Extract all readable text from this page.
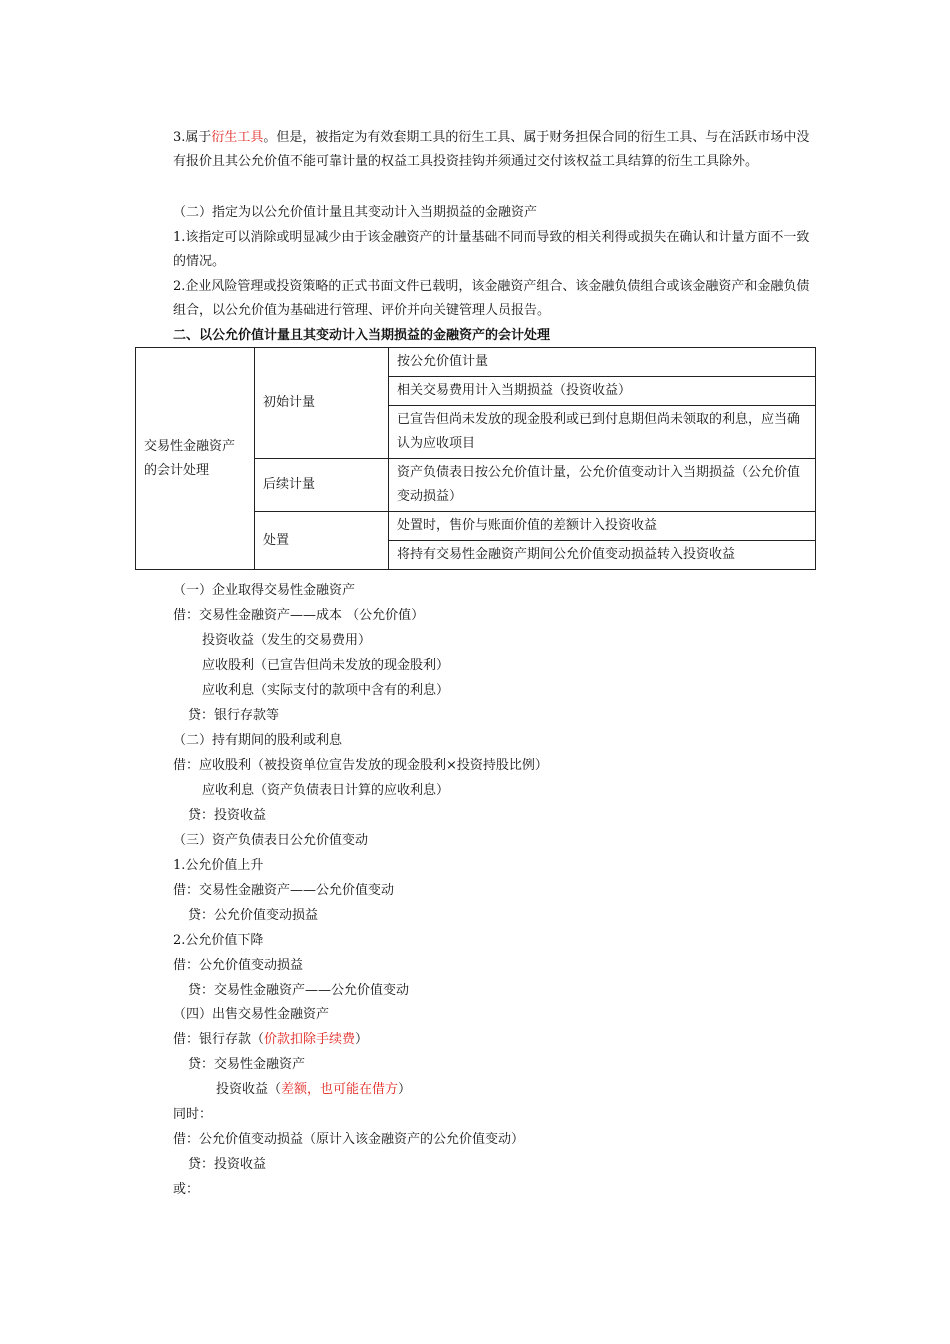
3.属于衍生工具。但是，被指定为有效套期工具的衍生工具、属于财务担保合同的衍生工具、与在活跃市场中没有报价且其公允价值不能可靠计量的权益工具投资挂钩并须通过交付该权益工具结算的衍生工具除外。

（二）指定为以公允价值计量且其变动计入当期损益的金融资产

1.该指定可以消除或明显减少由于该金融资产的计量基础不同而导致的相关利得或损失在确认和计量方面不一致的情况。

2.企业风险管理或投资策略的正式书面文件已载明，该金融资产组合、该金融负债组合或该金融资产和金融负债组合，以公允价值为基础进行管理、评价并向关键管理人员报告。

二、以公允价值计量且其变动计入当期损益的金融资产的会计处理
交易性金融资产的会计处理	初始计量	按公允价值计量
		相关交易费用计入当期损益（投资收益）
		已宣告但尚未发放的现金股利或已到付息期但尚未领取的利息，应当确认为应收项目
	后续计量	资产负债表日按公允价值计量，公允价值变动计入当期损益（公允价值变动损益）
	处置	处置时，售价与账面价值的差额计入投资收益
		将持有交易性金融资产期间公允价值变动损益转入投资收益
（一）企业取得交易性金融资产
借：交易性金融资产——成本 （公允价值）
投资收益（发生的交易费用）
应收股利（已宣告但尚未发放的现金股利）
应收利息（实际支付的款项中含有的利息）
贷：银行存款等
（二）持有期间的股利或利息
借：应收股利（被投资单位宣告发放的现金股利×投资持股比例）
应收利息（资产负债表日计算的应收利息）
贷：投资收益
（三）资产负债表日公允价值变动
1.公允价值上升
借：交易性金融资产——公允价值变动
贷：公允价值变动损益
2.公允价值下降
借：公允价值变动损益
贷：交易性金融资产——公允价值变动
（四）出售交易性金融资产
借：银行存款（价款扣除手续费）
贷：交易性金融资产
投资收益（差额，也可能在借方）
同时：
借：公允价值变动损益（原计入该金融资产的公允价值变动）
贷：投资收益
或：
